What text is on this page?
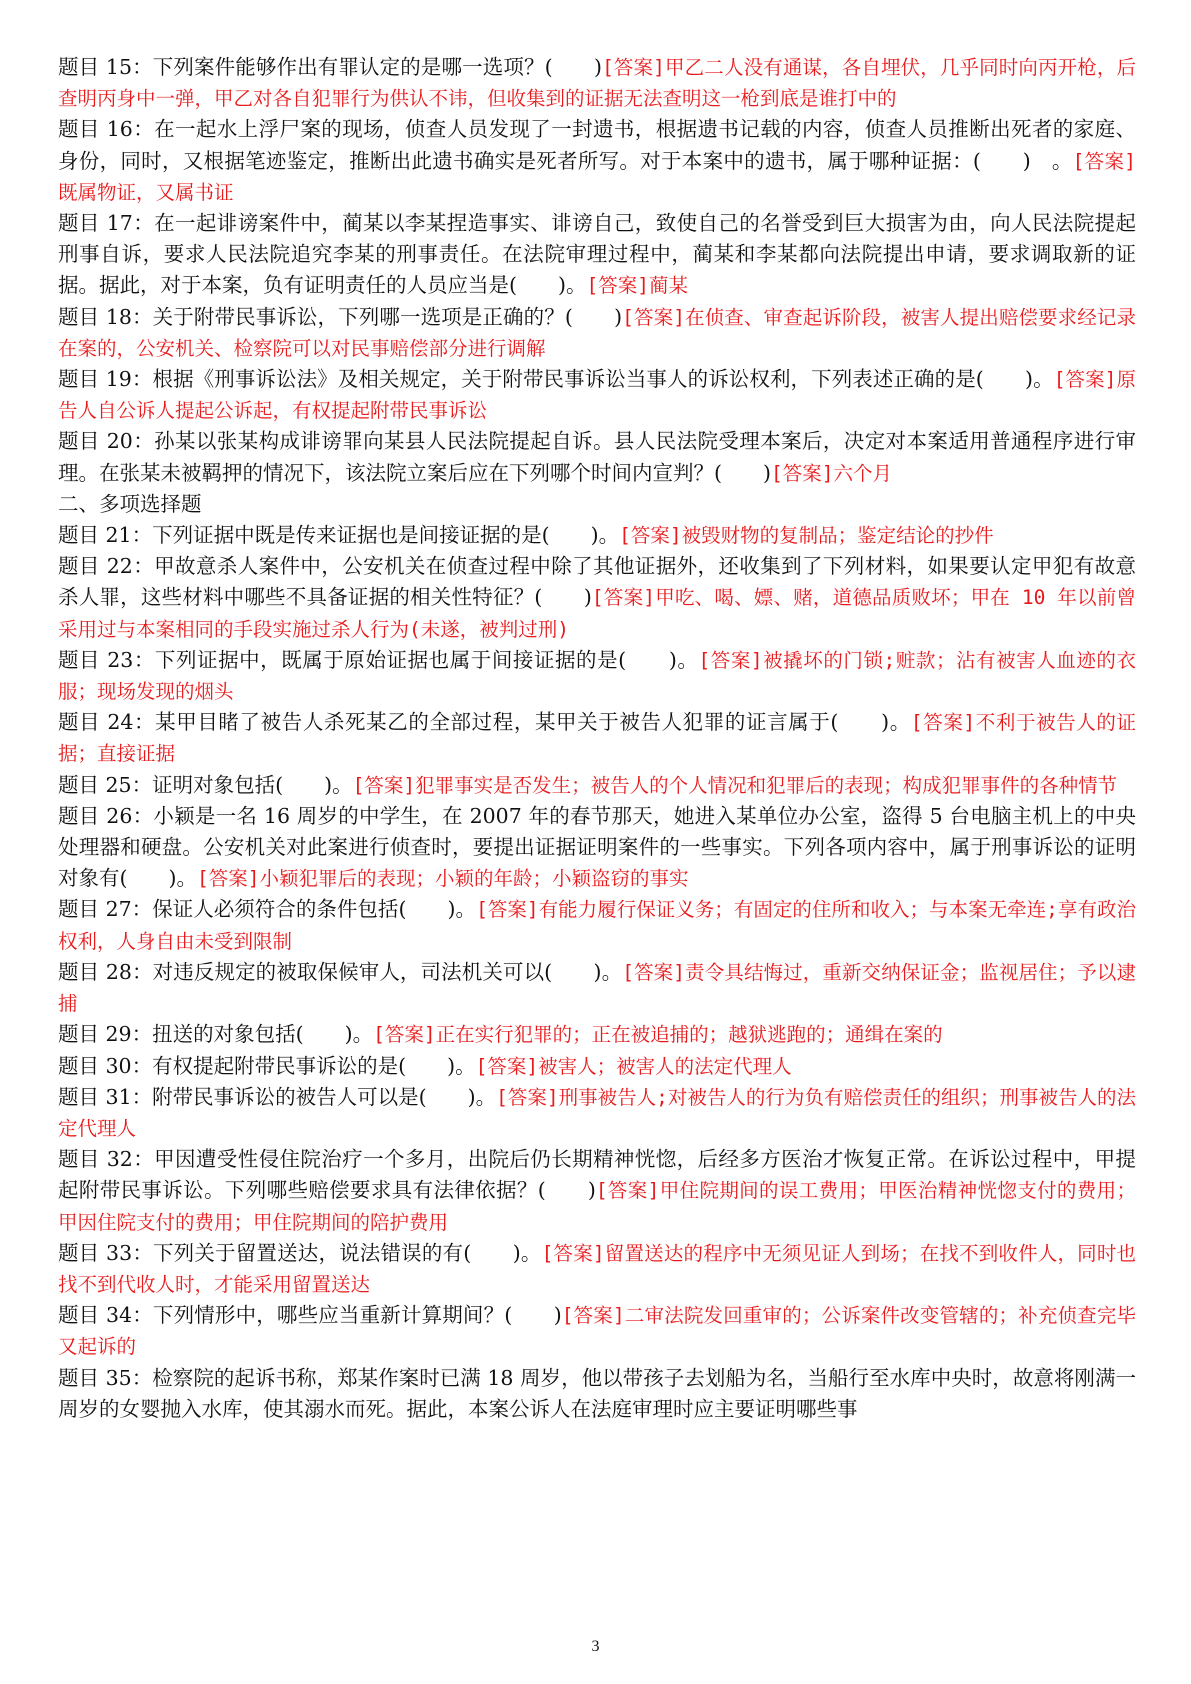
题目 15：下列案件能够作出有罪认定的是哪一选项？(　　)[答案]甲乙二人没有通谋，各自埋伏，几乎同时向丙开枪，后查明丙身中一弹，甲乙对各自犯罪行为供认不讳，但收集到的证据无法查明这一枪到底是谁打中的

题目 16：在一起水上浮尸案的现场，侦查人员发现了一封遗书，根据遗书记载的内容，侦查人员推断出死者的家庭、身份，同时，又根据笔迹鉴定，推断出此遗书确实是死者所写。对于本案中的遗书，属于哪种证据：(　　)　。[答案]既属物证，又属书证

题目 17：在一起诽谤案件中，蔺某以李某捏造事实、诽谤自己，致使自己的名誉受到巨大损害为由，向人民法院提起刑事自诉，要求人民法院追究李某的刑事责任。在法院审理过程中，蔺某和李某都向法院提出申请，要求调取新的证据。据此，对于本案，负有证明责任的人员应当是(　　)。[答案]蔺某

题目 18：关于附带民事诉讼，下列哪一选项是正确的？(　　)[答案]在侦查、审查起诉阶段，被害人提出赔偿要求经记录在案的，公安机关、检察院可以对民事赔偿部分进行调解

题目 19：根据《刑事诉讼法》及相关规定，关于附带民事诉讼当事人的诉讼权利，下列表述正确的是(　　)。[答案]原告人自公诉人提起公诉起，有权提起附带民事诉讼

题目 20：孙某以张某构成诽谤罪向某县人民法院提起自诉。县人民法院受理本案后，决定对本案适用普通程序进行审理。在张某未被羁押的情况下，该法院立案后应在下列哪个时间内宣判？(　　)[答案]六个月

二、多项选择题

题目 21：下列证据中既是传来证据也是间接证据的是(　　)。[答案]被毁财物的复制品；鉴定结论的抄件

题目 22：甲故意杀人案件中，公安机关在侦查过程中除了其他证据外，还收集到了下列材料，如果要认定甲犯有故意杀人罪，这些材料中哪些不具备证据的相关性特征？(　　)[答案]甲吃、喝、嫖、赌，道德品质败坏；甲在 10 年以前曾采用过与本案相同的手段实施过杀人行为(未遂，被判过刑)

题目 23：下列证据中，既属于原始证据也属于间接证据的是(　　)。[答案]被撬坏的门锁;赃款；沾有被害人血迹的衣服；现场发现的烟头

题目 24：某甲目睹了被告人杀死某乙的全部过程，某甲关于被告人犯罪的证言属于(　　)。[答案]不利于被告人的证据；直接证据

题目 25：证明对象包括(　　)。[答案]犯罪事实是否发生；被告人的个人情况和犯罪后的表现；构成犯罪事件的各种情节

题目 26：小颖是一名 16 周岁的中学生，在 2007 年的春节那天，她进入某单位办公室，盗得 5 台电脑主机上的中央处理器和硬盘。公安机关对此案进行侦查时，要提出证据证明案件的一些事实。下列各项内容中，属于刑事诉讼的证明对象有(　　)。[答案]小颖犯罪后的表现；小颖的年龄；小颖盗窃的事实

题目 27：保证人必须符合的条件包括(　　)。[答案]有能力履行保证义务；有固定的住所和收入；与本案无牵连;享有政治权利，人身自由未受到限制

题目 28：对违反规定的被取保候审人，司法机关可以(　　)。[答案]责令具结悔过，重新交纳保证金；监视居住；予以逮捕

题目 29：扭送的对象包括(　　)。[答案]正在实行犯罪的；正在被追捕的；越狱逃跑的；通缉在案的

题目 30：有权提起附带民事诉讼的是(　　)。[答案]被害人；被害人的法定代理人

题目 31：附带民事诉讼的被告人可以是(　　)。[答案]刑事被告人;对被告人的行为负有赔偿责任的组织；刑事被告人的法定代理人

题目 32：甲因遭受性侵住院治疗一个多月，出院后仍长期精神恍惚，后经多方医治才恢复正常。在诉讼过程中，甲提起附带民事诉讼。下列哪些赔偿要求具有法律依据？(　　)[答案]甲住院期间的误工费用；甲医治精神恍惚支付的费用；甲因住院支付的费用；甲住院期间的陪护费用

题目 33：下列关于留置送达，说法错误的有(　　)。[答案]留置送达的程序中无须见证人到场；在找不到收件人，同时也找不到代收人时，才能采用留置送达

题目 34：下列情形中，哪些应当重新计算期间？(　　)[答案]二审法院发回重审的；公诉案件改变管辖的；补充侦查完毕又起诉的

题目 35：检察院的起诉书称，郑某作案时已满 18 周岁，他以带孩子去划船为名，当船行至水库中央时，故意将刚满一周岁的女婴抛入水库，使其溺水而死。据此，本案公诉人在法庭审理时应主要证明哪些事

3
